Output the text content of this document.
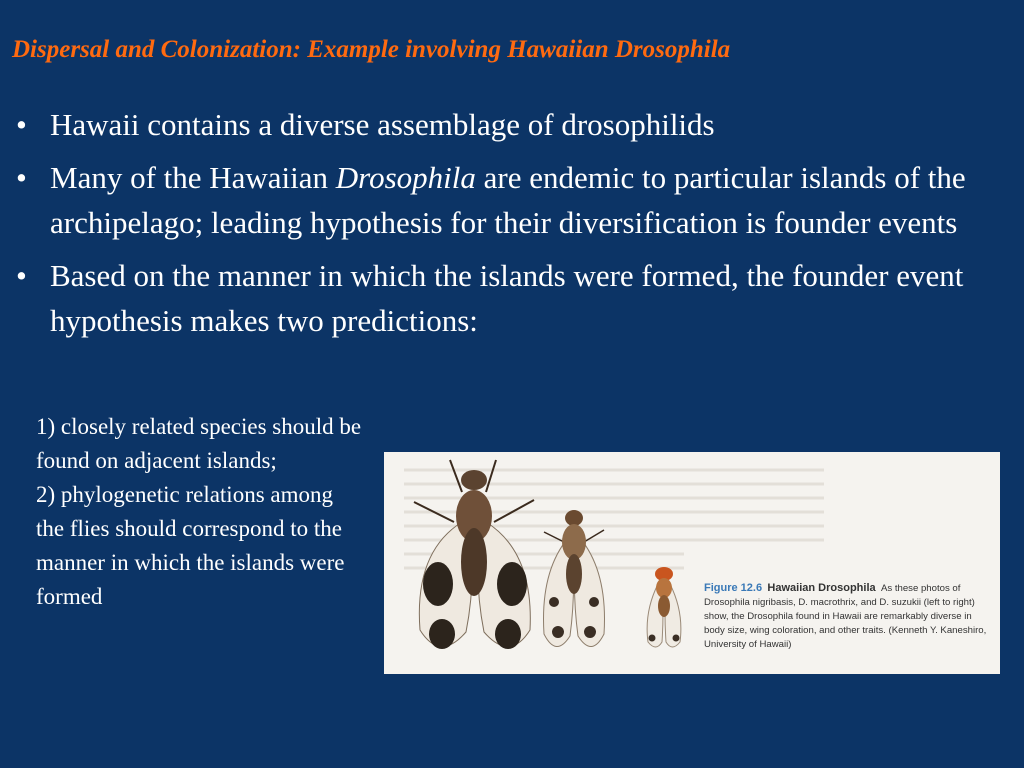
Dispersal and Colonization: Example involving Hawaiian Drosophila
• Hawaii contains a diverse assemblage of drosophilids
• Many of the Hawaiian Drosophila are endemic to particular islands of the archipelago; leading hypothesis for their diversification is founder events
• Based on the manner in which the islands were formed, the founder event hypothesis makes two predictions:
1) closely related species should be found on adjacent islands;
2) phylogenetic relations among the flies should correspond to the manner in which the islands were formed	Figure 12.6 Hawaiian Drosophila As these photos of Drosophila nigribasis, D. macrothrix, and D. suzukii (left to right) show, the Drosophila found in Hawaii are remarkably diverse in body size, wing coloration, and other traits. (Kenneth Y. Kaneshiro, University of Hawaii)
